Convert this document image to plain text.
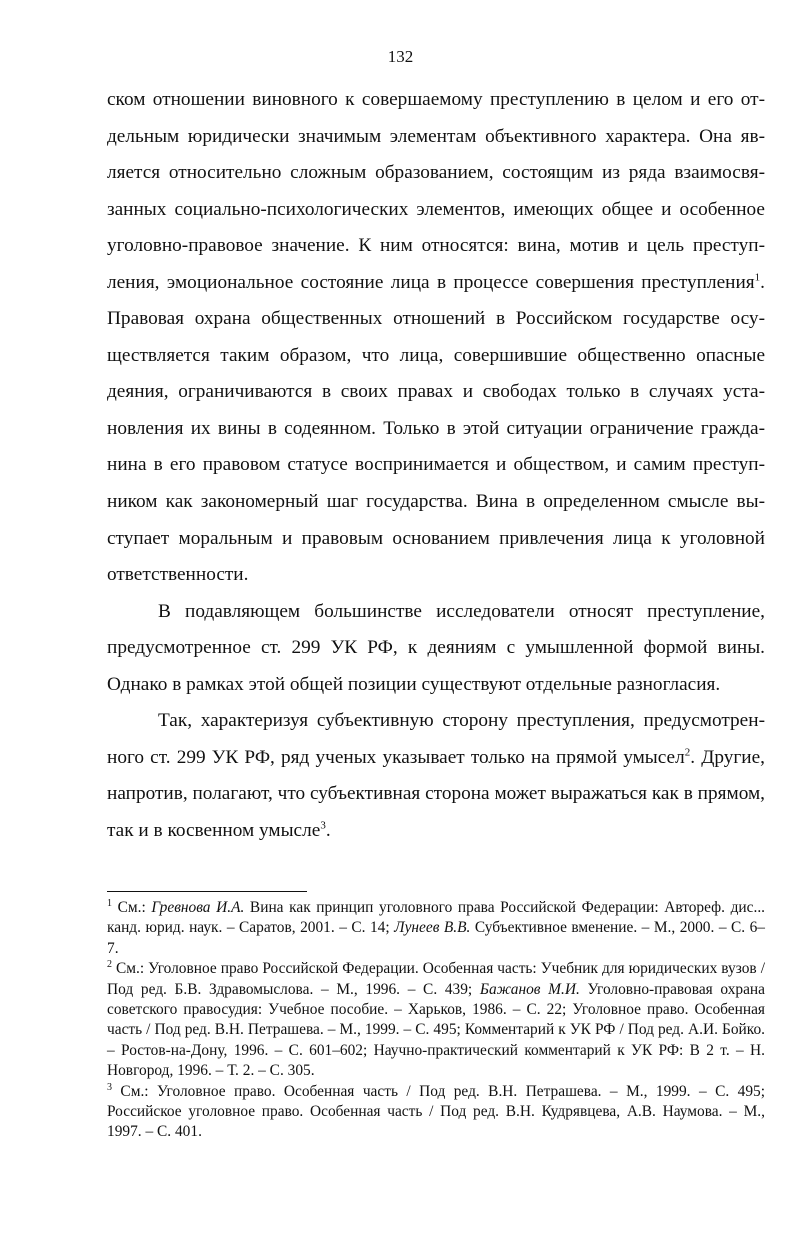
132

ском отношении виновного к совершаемому преступлению в целом и его отдельным юридически значимым элементам объективного характера. Она является относительно сложным образованием, состоящим из ряда взаимосвязанных социально-психологических элементов, имеющих общее и особенное уголовно-правовое значение. К ним относятся: вина, мотив и цель преступления, эмоциональное состояние лица в процессе совершения преступления$^1$. Правовая охрана общественных отношений в Российском государстве осуществляется таким образом, что лица, совершившие общественно опасные деяния, ограничиваются в своих правах и свободах только в случаях установления их вины в содеянном. Только в этой ситуации ограничение гражданина в его правовом статусе воспринимается и обществом, и самим преступником как закономерный шаг государства. Вина в определенном смысле выступает моральным и правовым основанием привлечения лица к уголовной ответственности.

В подавляющем большинстве исследователи относят преступление, предусмотренное ст. 299 УК РФ, к деяниям с умышленной формой вины. Однако в рамках этой общей позиции существуют отдельные разногласия.

Так, характеризуя субъективную сторону преступления, предусмотренного ст. 299 УК РФ, ряд ученых указывает только на прямой умысел$^2$. Другие, напротив, полагают, что субъективная сторона может выражаться как в прямом, так и в косвенном умысле$^3$.

$^1$ См.: Гревнова И.А. Вина как принцип уголовного права Российской Федерации: Автореф. дис... канд. юрид. наук. – Саратов, 2001. – С. 14; Лунеев В.В. Субъективное вменение. – М., 2000. – С. 6–7.

$^2$ См.: Уголовное право Российской Федерации. Особенная часть: Учебник для юридических вузов / Под ред. Б.В. Здравомыслова. – М., 1996. – С. 439; Бажанов М.И. Уголовно-правовая охрана советского правосудия: Учебное пособие. – Харьков, 1986. – С. 22; Уголовное право. Особенная часть / Под ред. В.Н. Петрашева. – М., 1999. – С. 495; Комментарий к УК РФ / Под ред. А.И. Бойко. – Ростов-на-Дону, 1996. – С. 601–602; Научно-практический комментарий к УК РФ: В 2 т. – Н. Новгород, 1996. – Т. 2. – С. 305.

$^3$ См.: Уголовное право. Особенная часть / Под ред. В.Н. Петрашева. – М., 1999. – С. 495; Российское уголовное право. Особенная часть / Под ред. В.Н. Кудрявцева, А.В. Наумова. – М., 1997. – С. 401.
